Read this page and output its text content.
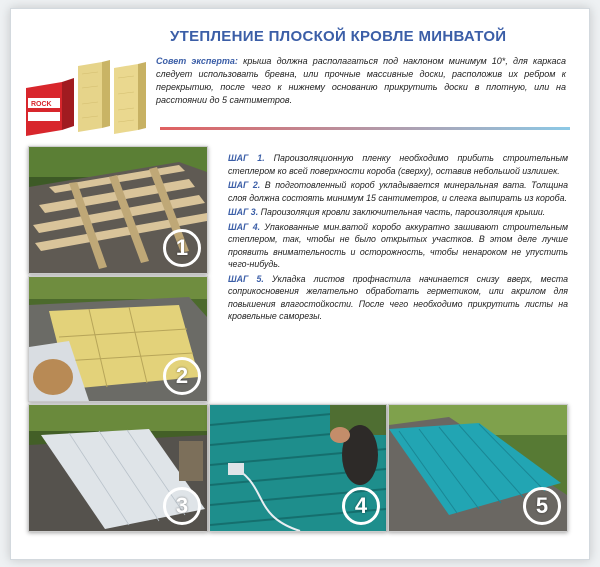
УТЕПЛЕНИЕ ПЛОСКОЙ КРОВЛЕ МИНВАТОЙ
ROCK
Совет эксперта: крыша должна располагаться под наклоном минимум 10*, для каркаса следует использовать бревна, или прочные массивные доски, расположив их ребром к перекрытию, после чего к нижнему основанию прикрутить доски в плотную, или на расстоянии до 5 сантиметров.
1
2
3	4	5

ШАГ 1. Пароизоляционную пленку необходимо прибить строительным степлером ко всей поверхности короба (сверху), оставив небольшой излишек.

ШАГ 2. В подготовленный короб укладывается минеральная вата. Толщина слоя должна состоять минимум 15 сантиметров, и слегка выпирать из короба.

ШАГ 3. Пароизоляция кровли заключительная часть, пароизоляция крыши.

ШАГ 4. Упакованные мин.ватой коробо аккуратно зашивают строительным степлером, так, чтобы не было открытых участков. В этом деле лучше проявить внимательность и осторожность, чтобы ненароком не упустить чего-нибудь.

ШАГ 5. Укладка листов профнастила начинается снизу вверх, места соприкосновения желательно обработать герметиком, или акрилом для повышения влагостойкости. После чего необходимо прикрутить листы на кровельные саморезы.
